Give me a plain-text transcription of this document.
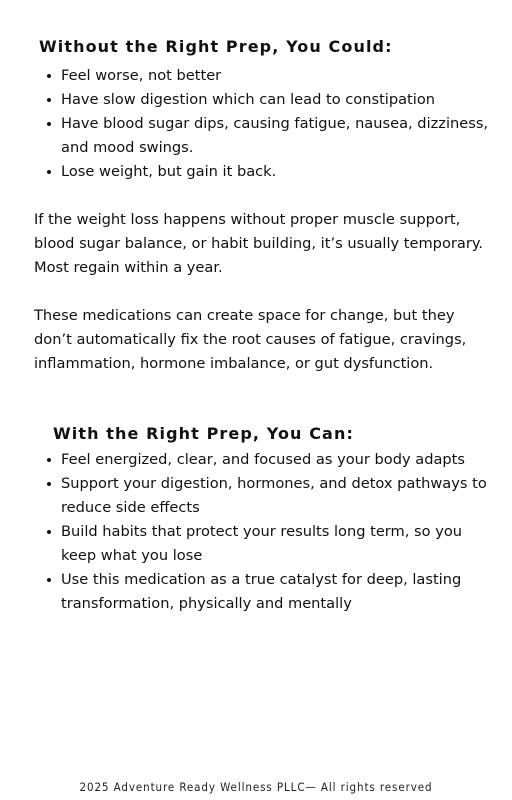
Without the Right Prep, You Could:
Feel worse, not better
Have slow digestion which can lead to constipation
Have blood sugar dips, causing fatigue, nausea, dizziness, and mood swings.
Lose weight, but gain it back.

If the weight loss happens without proper muscle support, blood sugar balance, or habit building, it’s usually temporary. Most regain within a year.

These medications can create space for change, but they don’t automatically fix the root causes of fatigue, cravings, inflammation, hormone imbalance, or gut dysfunction.

With the Right Prep, You Can:
Feel energized, clear, and focused as your body adapts
Support your digestion, hormones, and detox pathways to reduce side effects
Build habits that protect your results long term, so you keep what you lose
Use this medication as a true catalyst for deep, lasting transformation, physically and mentally
2025 Adventure Ready Wellness PLLC— All rights reserved
